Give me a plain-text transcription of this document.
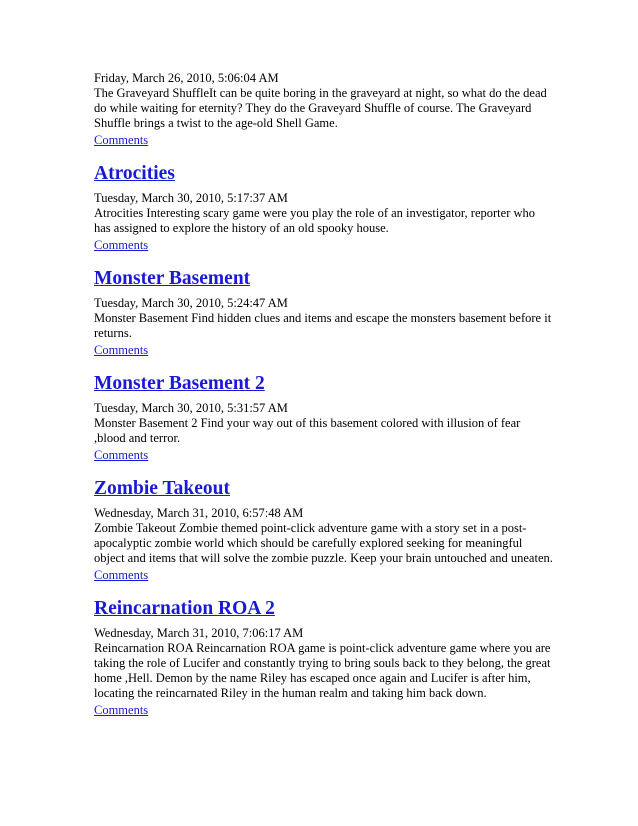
Friday, March 26, 2010, 5:06:04 AM

The Graveyard ShuffleIt can be quite boring in the graveyard at night, so what do the dead do while waiting for eternity? They do the Graveyard Shuffle of course. The Graveyard Shuffle brings a twist to the age-old Shell Game.

Comments
Atrocities

Tuesday, March 30, 2010, 5:17:37 AM

Atrocities Interesting scary game were you play the role of an investigator, reporter who has assigned to explore the history of an old spooky house.

Comments
Monster Basement

Tuesday, March 30, 2010, 5:24:47 AM

Monster Basement Find hidden clues and items and escape the monsters basement before it returns.

Comments
Monster Basement 2

Tuesday, March 30, 2010, 5:31:57 AM

Monster Basement 2 Find your way out of this basement colored with illusion of fear ,blood and terror.

Comments
Zombie Takeout

Wednesday, March 31, 2010, 6:57:48 AM

Zombie Takeout Zombie themed point-click adventure game with a story set in a post-apocalyptic zombie world which should be carefully explored seeking for meaningful object and items that will solve the zombie puzzle. Keep your brain untouched and uneaten.

Comments
Reincarnation ROA 2

Wednesday, March 31, 2010, 7:06:17 AM

Reincarnation ROA Reincarnation ROA game is point-click adventure game where you are taking the role of Lucifer and constantly trying to bring souls back to they belong, the great home ,Hell. Demon by the name Riley has escaped once again and Lucifer is after him, locating the reincarnated Riley in the human realm and taking him back down.

Comments
